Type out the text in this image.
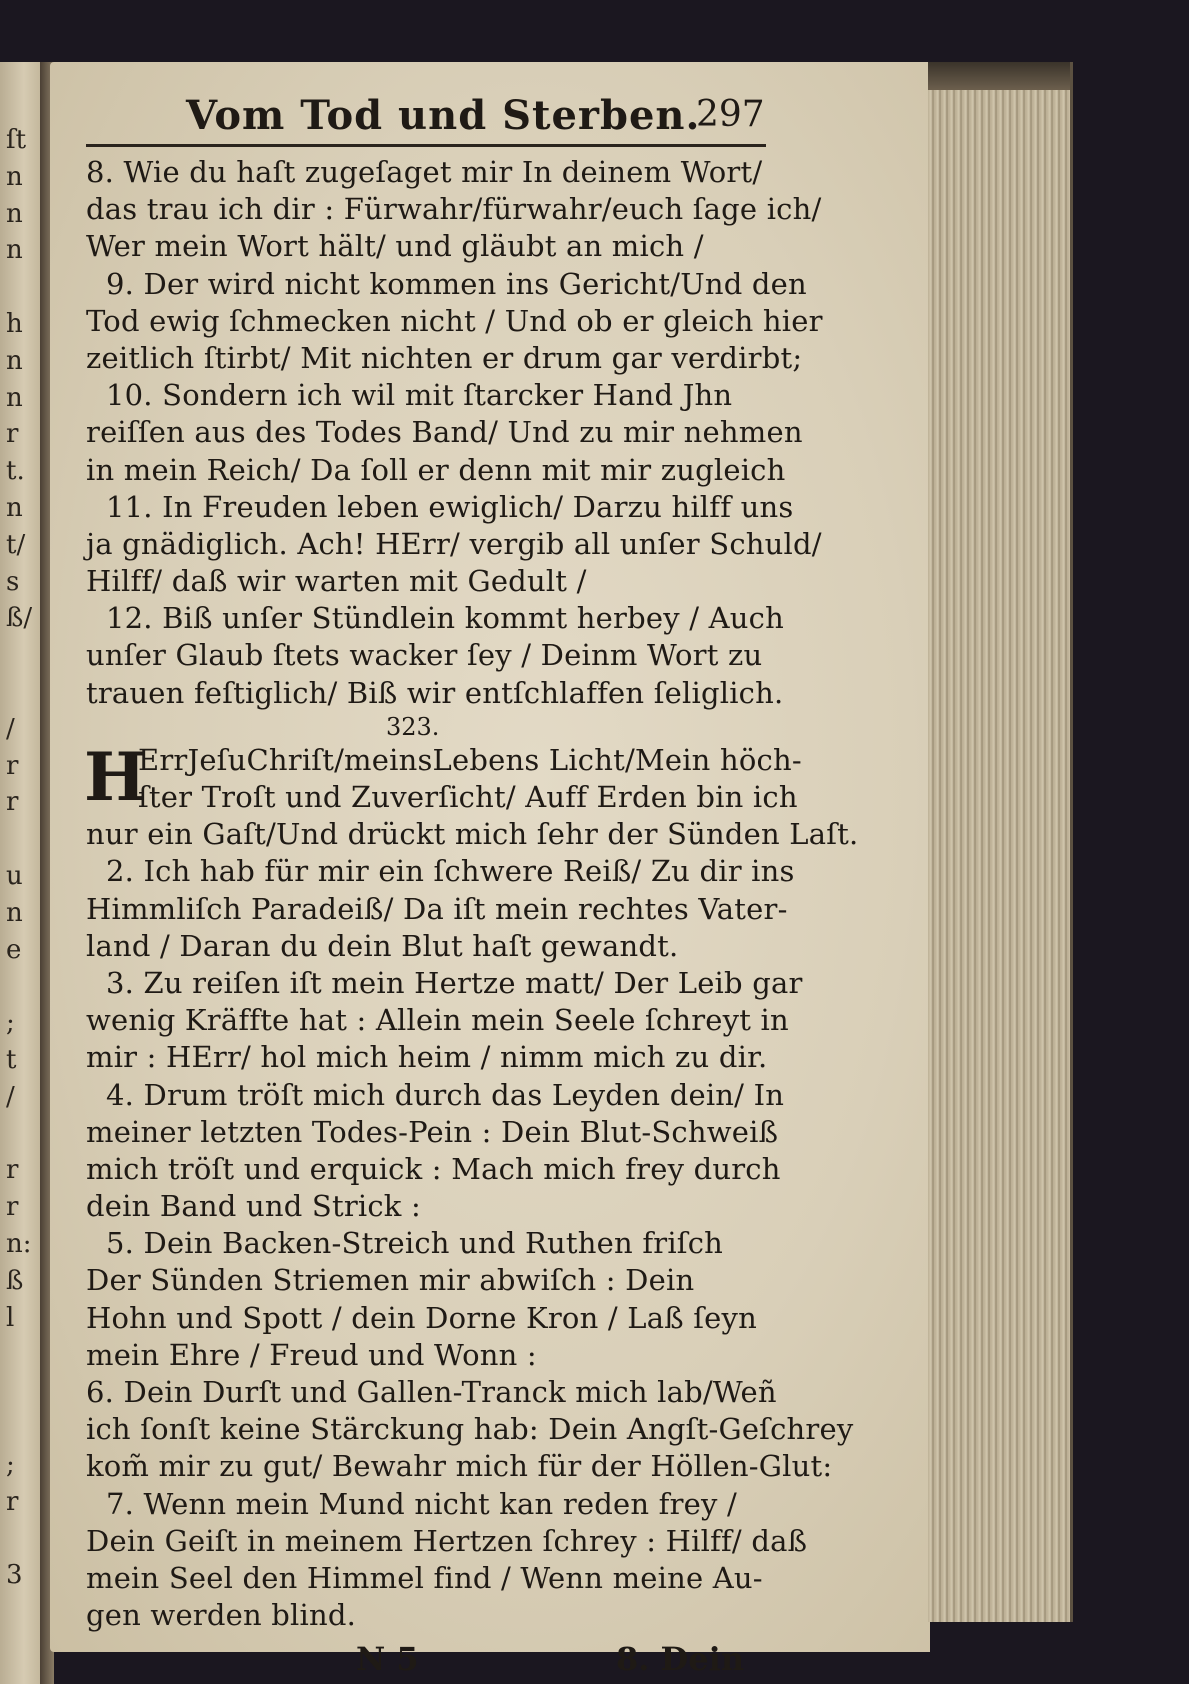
ſt
n
n
n
h
n
n
r
t.
n
t/
s
ß/
/
r
r
u
n
e
;
t
/
r
r
n:
ß
l
;
r
3
Vom Tod und Sterben.
297
8. Wie du haſt zugeſaget mir In deinem Wort/
das trau ich dir : Fürwahr/fürwahr/euch ſage ich/
Wer mein Wort hält/ und gläubt an mich /
9. Der wird nicht kommen ins Gericht/Und den
Tod ewig ſchmecken nicht / Und ob er gleich hier
zeitlich ſtirbt/ Mit nichten er drum gar verdirbt;
10. Sondern ich wil mit ſtarcker Hand Jhn
reiſſen aus des Todes Band/ Und zu mir nehmen
in mein Reich/ Da ſoll er denn mit mir zugleich
11. In Freuden leben ewiglich/ Darzu hilff uns
ja gnädiglich. Ach! HErr/ vergib all unſer Schuld/
Hilff/ daß wir warten mit Gedult /
12. Biß unſer Stündlein kommt herbey / Auch
unſer Glaub ſtets wacker ſey / Deinm Wort zu
trauen feſtiglich/ Biß wir entſchlaffen ſeliglich.
323.
H
ErrJeſuChriſt/meinsLebens Licht/Mein höch-
ſter Troſt und Zuverſicht/ Auff Erden bin ich
nur ein Gaſt/Und drückt mich ſehr der Sünden Laſt.
2. Ich hab für mir ein ſchwere Reiß/ Zu dir ins
Himmliſch Paradeiß/ Da iſt mein rechtes Vater-
land / Daran du dein Blut haſt gewandt.
3. Zu reiſen iſt mein Hertze matt/ Der Leib gar
wenig Kräffte hat : Allein mein Seele ſchreyt in
mir : HErr/ hol mich heim / nimm mich zu dir.
4. Drum tröſt mich durch das Leyden dein/ In
meiner letzten Todes-Pein : Dein Blut-Schweiß
mich tröſt und erquick : Mach mich frey durch
dein Band und Strick :
5. Dein Backen-Streich und Ruthen friſch
Der Sünden Striemen mir abwiſch : Dein
Hohn und Spott / dein Dorne Kron / Laß ſeyn
mein Ehre / Freud und Wonn :
6. Dein Durſt und Gallen-Tranck mich lab/Weñ
ich ſonſt keine Stärckung hab: Dein Angſt-Geſchrey
kom̃ mir zu gut/ Bewahr mich für der Höllen-Glut:
7. Wenn mein Mund nicht kan reden frey /
Dein Geiſt in meinem Hertzen ſchrey : Hilff/ daß
mein Seel den Himmel find / Wenn meine Au-
gen werden blind.
N 5	8. Dein
